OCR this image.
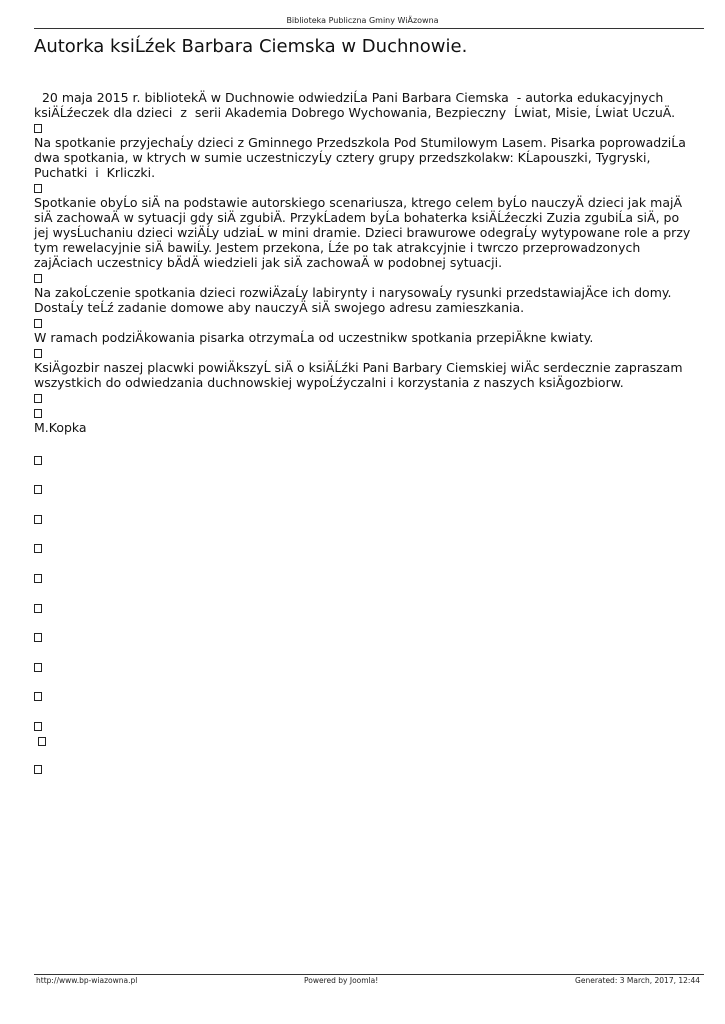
Biblioteka Publiczna Gminy WiÄzowna
Autorka ksiĹźek Barbara Ciemska w Duchnowie.

20 maja 2015 r. bibliotekÄ w Duchnowie odwiedziĹa Pani Barbara Ciemska  - autorka edukacyjnych ksiÄĹźeczek dla dzieci  z  serii Akademia Dobrego Wychowania, Bezpieczny  Ĺwiat, Misie, Ĺwiat UczuÄ.

Na spotkanie przyjechaĹy dzieci z Gminnego Przedszkola Pod Stumilowym Lasem. Pisarka poprowadziĹa dwa spotkania, w ktrych w sumie uczestniczyĹy cztery grupy przedszkolakw: KĹapouszki, Tygryski, Puchatki  i  Krliczki.

Spotkanie obyĹo siÄ na podstawie autorskiego scenariusza, ktrego celem byĹo nauczyÄ dzieci jak majÄ siÄ zachowaÄ w sytuacji gdy siÄ zgubiÄ. PrzykĹadem byĹa bohaterka ksiÄĹźeczki Zuzia zgubiĹa siÄ, po jej wysĹuchaniu dzieci wziÄĹy udziaĹ w mini dramie. Dzieci brawurowe odegraĹy wytypowane role a przy tym rewelacyjnie siÄ bawiĹy. Jestem przekona, Ĺźe po tak atrakcyjnie i twrczo przeprowadzonych zajÄciach uczestnicy bÄdÄ wiedzieli jak siÄ zachowaÄ w podobnej sytuacji.

Na zakoĹczenie spotkania dzieci rozwiÄzaĹy labirynty i narysowaĹy rysunki przedstawiajÄce ich domy. DostaĹy teĹź zadanie domowe aby nauczyÄ siÄ swojego adresu zamieszkania.

W ramach podziÄkowania pisarka otrzymaĹa od uczestnikw spotkania przepiÄkne kwiaty.

KsiÄgozbir naszej placwki powiÄkszyĹ siÄ o ksiÄĹźki Pani Barbary Ciemskiej wiÄc serdecznie zapraszam wszystkich do odwiedzania duchnowskiej wypoĹźyczalni i korzystania z naszych ksiÄgozbiorw.

M.Kopka

http://www.bp-wiazowna.pl	Powered by Joomla!	Generated: 3 March, 2017, 12:44
